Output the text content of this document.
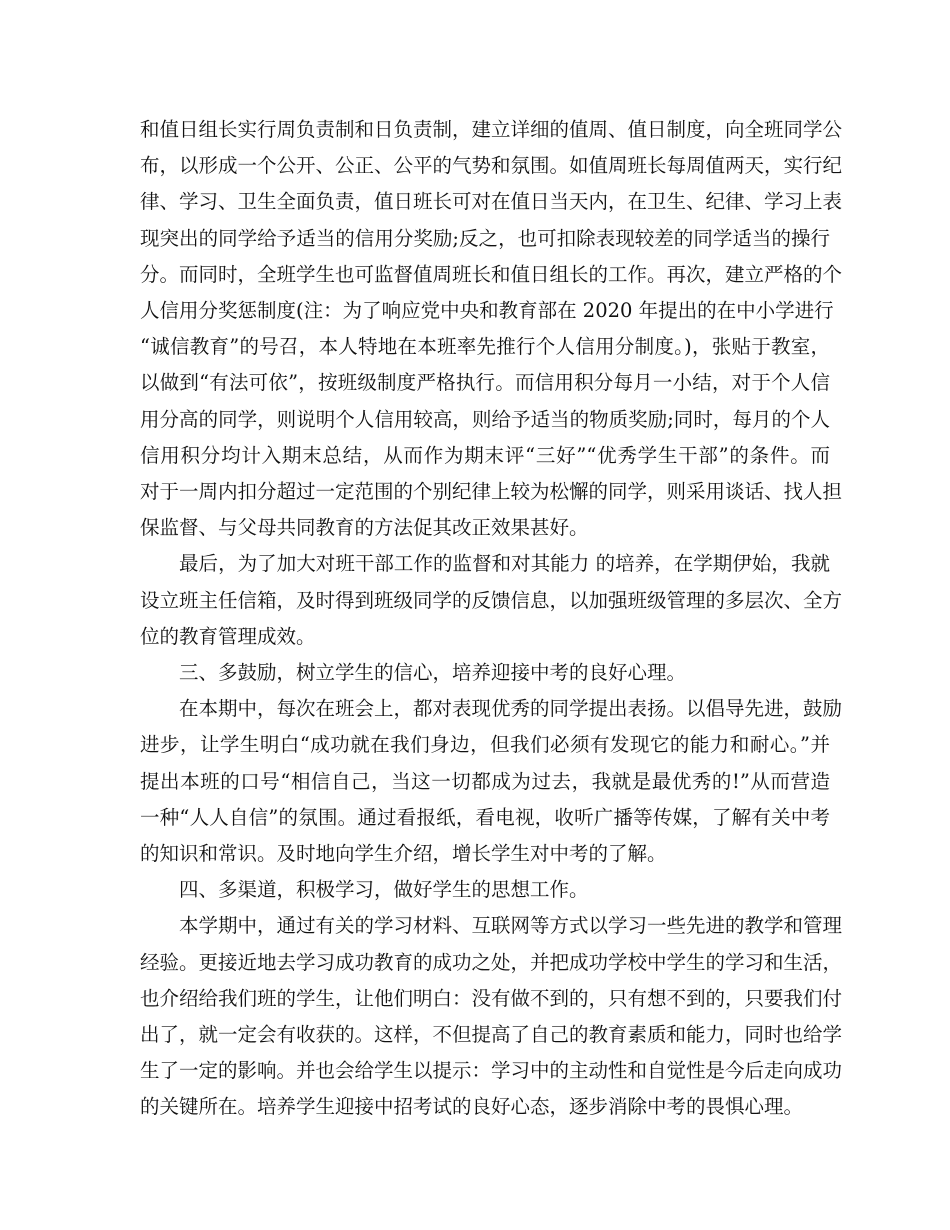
和值日组长实行周负责制和日负责制，建立详细的值周、值日制度，向全班同学公
布，以形成一个公开、公正、公平的气势和氛围。如值周班长每周值两天，实行纪
律、学习、卫生全面负责，值日班长可对在值日当天内，在卫生、纪律、学习上表
现突出的同学给予适当的信用分奖励;反之，也可扣除表现较差的同学适当的操行
分。而同时，全班学生也可监督值周班长和值日组长的工作。再次，建立严格的个
人信用分奖惩制度(注：为了响应党中央和教育部在 2020 年提出的在中小学进行
“诚信教育”的号召，本人特地在本班率先推行个人信用分制度。)，张贴于教室，
以做到“有法可依”，按班级制度严格执行。而信用积分每月一小结，对于个人信
用分高的同学，则说明个人信用较高，则给予适当的物质奖励;同时，每月的个人
信用积分均计入期末总结，从而作为期末评“三好”“优秀学生干部”的条件。而
对于一周内扣分超过一定范围的个别纪律上较为松懈的同学，则采用谈话、找人担
保监督、与父母共同教育的方法促其改正效果甚好。
最后，为了加大对班干部工作的监督和对其能力 的培养，在学期伊始，我就
设立班主任信箱，及时得到班级同学的反馈信息，以加强班级管理的多层次、全方
位的教育管理成效。
三、多鼓励，树立学生的信心，培养迎接中考的良好心理。
在本期中，每次在班会上，都对表现优秀的同学提出表扬。以倡导先进，鼓励
进步，让学生明白“成功就在我们身边，但我们必须有发现它的能力和耐心。”并
提出本班的口号“相信自己，当这一切都成为过去，我就是最优秀的!”从而营造
一种“人人自信”的氛围。通过看报纸，看电视，收听广播等传媒，了解有关中考
的知识和常识。及时地向学生介绍，增长学生对中考的了解。
四、多渠道，积极学习，做好学生的思想工作。
本学期中，通过有关的学习材料、互联网等方式以学习一些先进的教学和管理
经验。更接近地去学习成功教育的成功之处，并把成功学校中学生的学习和生活，
也介绍给我们班的学生，让他们明白：没有做不到的，只有想不到的，只要我们付
出了，就一定会有收获的。这样，不但提高了自己的教育素质和能力，同时也给学
生了一定的影响。并也会给学生以提示：学习中的主动性和自觉性是今后走向成功
的关键所在。培养学生迎接中招考试的良好心态，逐步消除中考的畏惧心理。
